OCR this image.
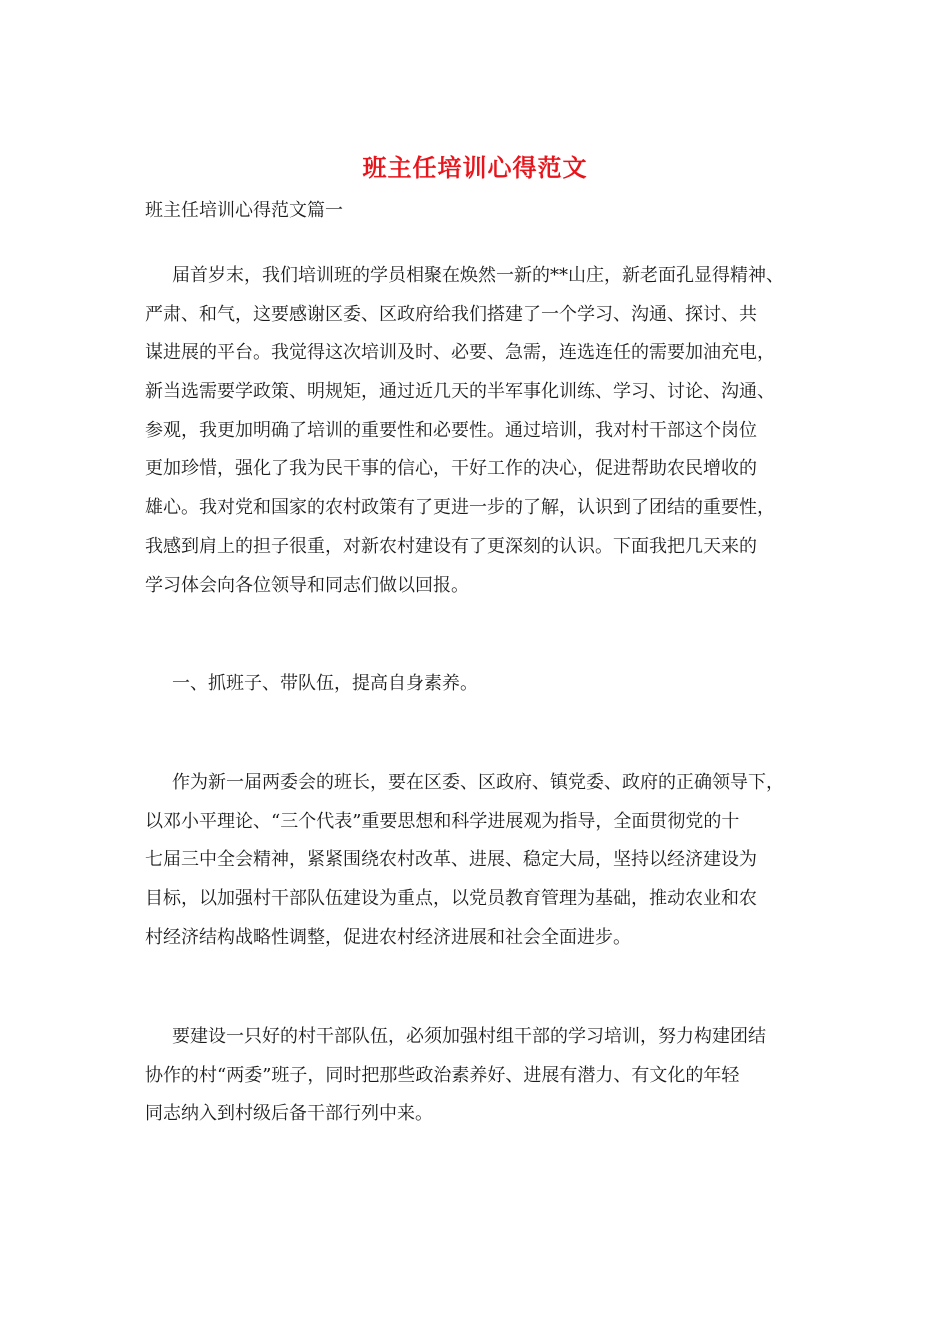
班主任培训心得范文

班主任培训心得范文篇一

届首岁末，我们培训班的学员相聚在焕然一新的**山庄，新老面孔显得精神、
严肃、和气，这要感谢区委、区政府给我们搭建了一个学习、沟通、探讨、共
谋进展的平台。我觉得这次培训及时、必要、急需，连选连任的需要加油充电，
新当选需要学政策、明规矩，通过近几天的半军事化训练、学习、讨论、沟通、
参观，我更加明确了培训的重要性和必要性。通过培训，我对村干部这个岗位
更加珍惜，强化了我为民干事的信心，干好工作的决心，促进帮助农民增收的
雄心。我对党和国家的农村政策有了更进一步的了解，认识到了团结的重要性，
我感到肩上的担子很重，对新农村建设有了更深刻的认识。下面我把几天来的
学习体会向各位领导和同志们做以回报。
一、抓班子、带队伍，提高自身素养。
作为新一届两委会的班长，要在区委、区政府、镇党委、政府的正确领导下，
以邓小平理论、“三个代表”重要思想和科学进展观为指导，全面贯彻党的十
七届三中全会精神，紧紧围绕农村改革、进展、稳定大局，坚持以经济建设为
目标，以加强村干部队伍建设为重点，以党员教育管理为基础，推动农业和农
村经济结构战略性调整，促进农村经济进展和社会全面进步。
要建设一只好的村干部队伍，必须加强村组干部的学习培训，努力构建团结
协作的村“两委”班子，同时把那些政治素养好、进展有潜力、有文化的年轻
同志纳入到村级后备干部行列中来。
